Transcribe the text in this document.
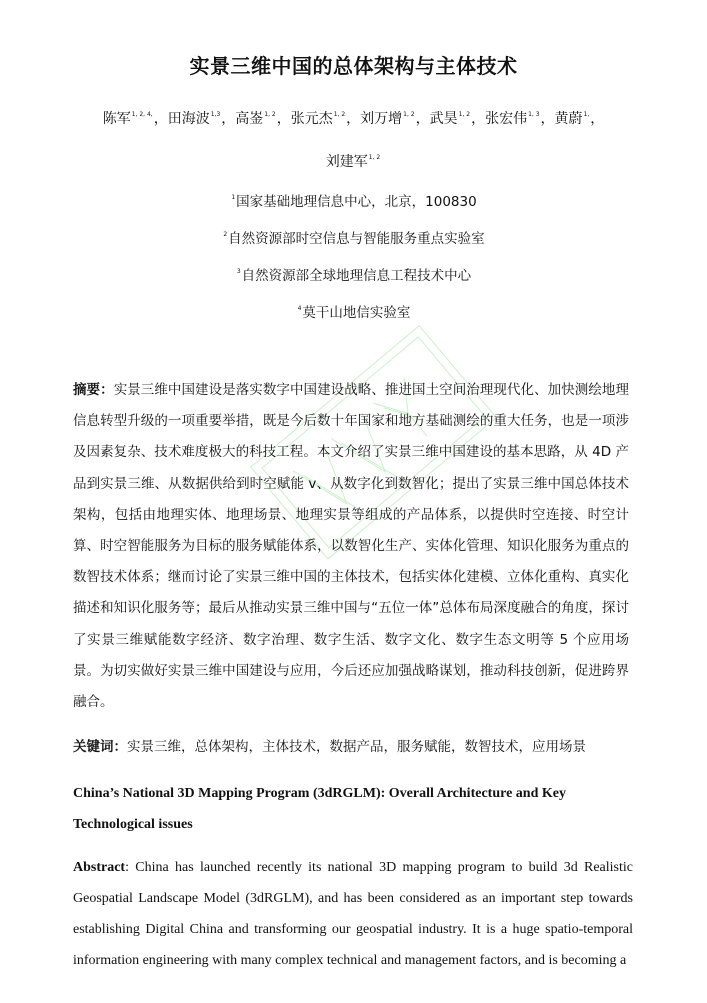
实景三维中国的总体架构与主体技术
陈军$^{1, 2, 4,}$，田海波$^{1,3}$，高崟$^{1, 2}$，张元杰$^{1, 2}$，刘万增$^{1, 2}$，武昊$^{1, 2}$，张宏伟$^{1, 3}$，黄蔚$^{1,}$，
刘建军$^{1, 2}$
$^1$国家基础地理信息中心，北京，100830
$^2$自然资源部时空信息与智能服务重点实验室
$^3$自然资源部全球地理信息工程技术中心
$^4$莫干山地信实验室
摘要：实景三维中国建设是落实数字中国建设战略、推进国土空间治理现代化、加快测绘地理信息转型升级的一项重要举措，既是今后数十年国家和地方基础测绘的重大任务，也是一项涉及因素复杂、技术难度极大的科技工程。本文介绍了实景三维中国建设的基本思路，从 4D 产品到实景三维、从数据供给到时空赋能 v、从数字化到数智化；提出了实景三维中国总体技术架构，包括由地理实体、地理场景、地理实景等组成的产品体系，以提供时空连接、时空计算、时空智能服务为目标的服务赋能体系，以数智化生产、实体化管理、知识化服务为重点的数智技术体系；继而讨论了实景三维中国的主体技术，包括实体化建模、立体化重构、真实化描述和知识化服务等；最后从推动实景三维中国与“五位一体”总体布局深度融合的角度，探讨了实景三维赋能数字经济、数字治理、数字生活、数字文化、数字生态文明等 5 个应用场景。为切实做好实景三维中国建设与应用，今后还应加强战略谋划，推动科技创新，促进跨界融合。
关键词：实景三维，总体架构，主体技术，数据产品，服务赋能，数智技术，应用场景
China’s National 3D Mapping Program (3dRGLM): Overall Architecture and Key Technological issues
Abstract: China has launched recently its national 3D mapping program to build 3d Realistic Geospatial Landscape Model (3dRGLM), and has been considered as an important step towards establishing Digital China and transforming our geospatial industry. It is a huge spatio-temporal information engineering with many complex technical and management factors, and is becoming a
